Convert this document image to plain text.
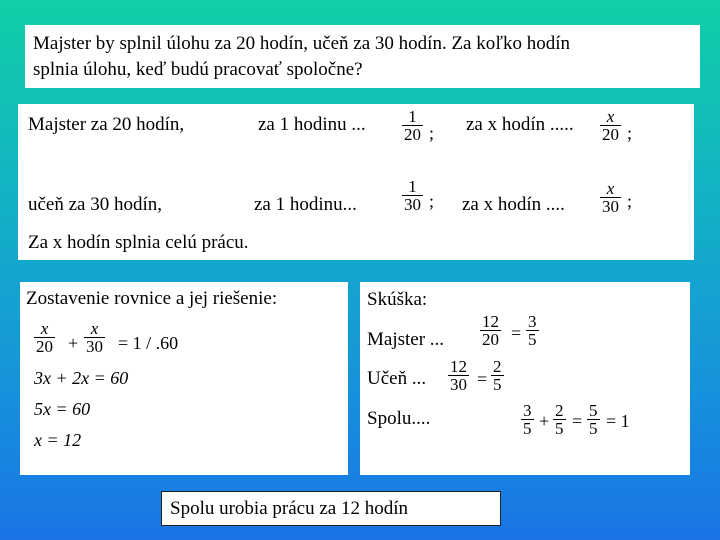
Majster by splnil úlohu za 20 hodín, učeň za 30 hodín. Za koľko hodín
splnia úlohu, keď budú pracovať spoločne?
Majster za 20 hodín,	za 1 hodinu ... $\frac{1}{20}$ ; za x hodín ..... $\frac{x}{20}$ ;
učeň za 30 hodín,	za 1 hodinu...	$\frac{1}{30}$ ; za x hodín .... $\frac{x}{30}$ ;
Za x hodín splnia celú prácu.
Zostavenie rovnice a jej riešenie:
$\frac{x}{20} + \frac{x}{30} = 1 / .60$
3x + 2x = 60
5x = 60
x = 12
Skúška:
Majster ... $\frac{12}{20} = \frac{3}{5}$
Učeň ... $\frac{12}{30} = \frac{2}{5}$
Spolu....	$\frac{3}{5} + \frac{2}{5} = \frac{5}{5} = 1$
Spolu urobia prácu za 12 hodín
